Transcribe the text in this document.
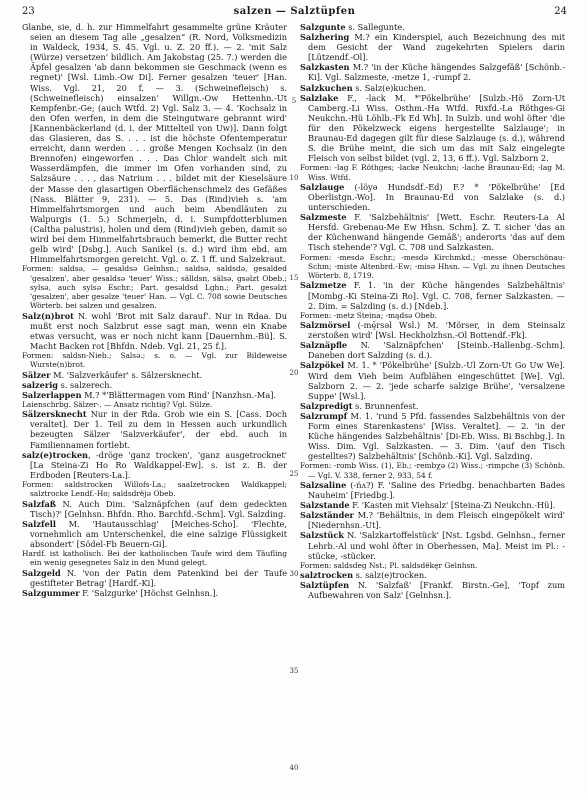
23	salzen — Salztüpfen	24

Glanbe, sie, d. h. zur Himmelfahrt gesammelte grüne Kräuter seien an diesem Tag alle „gesalzen“ (R. Nord, Volksmedizin in Waldeck, 1934, S. 45. Vgl. u. Z. 20 ff.). — 2. 'mit Salz (Würze) versetzen' bildlich. Am Jakobstag (25. 7.) werden die Äpfel gesalzen 'ab dann bekommen sie Geschmack (wenn es regnet)' [Wsl. Limb.-Ow Di]. Ferner gesalzen 'teuer' [Han. Wiss. Vgl. 21, 20 f. — 3. (Schweinefleisch) s. (Schweinefleisch) einsalzen' Willgn.-Ow Hettenhn.-Ut Kempfenbr.-Ge; (auch Wtfd. 2) Vgl. Salz 3. — 4. 'Kochsalz in den Ofen werfen, in dem die Steingutware gebrannt wird' [Kannenbäckerland (d. i. der Mittelteil von Uw)]. Dann folgt das Glasieren, das S. . . . ist die höchste Ofentemperatur erreicht, dann werden . . . große Mengen Kochsalz (in den Brennofen) eingeworfen . . . Das Chlor wandelt sich mit Wasserdämpfen, die immer im Ofen vorhanden sind, zu Salzsäure . . . , das Natrium . . . bildet mit der Kieselsäure der Masse den glasartigen Oberflächenschmelz des Gefäßes (Nass. Blätter 9, 231). — 5. Das (Rind)vieh s. 'am Himmelfahrtsmorgen und auch beim Abendläuten zu Walpurgis (1. 5.) Schmerjeln, d. i. Sumpfdotterblumen (Caltha palustris), holen und dem (Rind)vieh geben, damit so wird bei dem Himmelfahrtsbrauch bemerkt, die Butter recht gelb wird' [Dsbg.]. Auch Sanikel (s. d.) wird ihm ebd. am Himmelfahrtsmorgen gereicht. Vgl. o. Z. 1 ff. und Salzekraut.

Formen: saldsə, — gesaldsə Gelnhsn.; saldsə, saldsdə, gesalded 'gesalzen', aber gesaldsə 'teuer' Wiss.; sälldsn, sälsə, gsəlzt Obeb.; sylsə, auch sylsə Eschr.; Part. gesəldsd Lghn.; Part. gesəlzt 'gesalzen', aber gesəlze 'teuer' Han. — Vgl. C. 708 sowie Deutsches Wörterb. bei salzen und gesalzen.

Salz(n)brot N. wohl 'Brot mit Salz darauf'. Nur in Rdaa. Du mußt erst noch Salzbrut esse sagt man, wenn ein Knabe etwas versucht, was er noch nicht kann [Dauernhm.-Bü]. S. Macht Backen rot [Bhfdn. Ndeb. Vgl. 21, 25 f.].

Formen: saldsn-Nieb.; Salsə.; s. o. — Vgl. zur Bildeweise Wurste(n)brot.

Sälzer M. 'Salzverkäufer' s. Sälzersknecht.

salzerig s. salzerech.

Salzerlappen M.? *'Blättermagen vom Rind' [Nanzhsn.-Ma].

Laienschrbg. Sälzer-. — Ansatz richtig? Vgl. Sülze.

Sälzersknecht Nur in der Rda. Grob wie ein S. [Cass. Doch veraltet]. Der 1. Teil zu dem in Hessen auch urkundlich bezeugten Sälzer 'Salzverkäufer', der ebd. auch in Familiennamen fortlebt.

salz(e)trocken, -dröge 'ganz trocken', 'ganz ausgetrocknet' [La Steina-Zi Ho Ro Waldkappel-Ew]. s. ist z. B. der Erdboden [Reuters-La.].

Formen: saldstrocken Willofs-La.; saalzetrocken Waldkappel; salztrocke Lendf.-Ho; saldsdrëjə Obeb.

Salzfaß N. Auch Dim. 'Salznäpfchen (auf dem gedeckten Tisch)?' [Gelnhsn. Bhfdn. Rho. Barchfd.-Schm]. Vgl. Salzding.

Salzfell M. 'Hautausschlag' [Meiches-Scho]. 'Flechte, vornehmlich am Unterschenkel, die eine salzige Flüssigkeit absondert' [Södel-Fb Beuern-Gi].

Hardf. ist katholisch. Bei der katholischen Taufe wird dem Täufling ein wenig gesegnetes Salz in den Mund gelegt.

Salzgeld N. 'von der Patin dem Patenkind bei der Taufe gestifteter Betrag' [Hardf.-Ki].

Salzgummer F. 'Salzgurke' [Höchst Gelnhsn.].

5
10
15
20
25
30
35
40

Salzgunte s. Sallegunte.

Salzhering M.? ein Kinderspiel, auch Bezeichnung des mit dem Gesicht der Wand zugekehrten Spielers darin [Lützendf.-Ol].

Salzkasten M.? 'in der Küche hängendes Salzgefäß' [Schönb.-Ki]. Vgl. Salzmeste, -metze 1, -rumpf 2.

Salzkuchen s. Salz(e)kuchen.

Salzlake F., -lack M. *'Pökelbrühe' [Sulzb.-Hö Zorn-Ut Camberg.-Li Wiss. Osthm.-Ha Wtfd. Rixfd.-La Röthges-Gi Neukchn.-Hü Löhlb.-Fk Ed Wh]. In Sulzb. und wohl öfter 'die für den Pökelzweck eigens hergestellte Salzlauge'; in Braunau-Ed dagegen gilt für diese Salzlauge (s. d.), während S. die Brühe meint, die sich um das mit Salz eingelegte Fleisch von selbst bildet (vgl. 2, 13, 6 ff.). Vgl. Salzborn 2.

Formen: -lag F. Röthges; -lacke Neukchn; -lache Braunau-Ed; -lag M. Wiss. Wtfd.

Salzlauge (-löyə Hundsdf.-Ed) F.? * 'Pökelbrühe' [Ed Oberlistgn.-Wo]. In Braunau-Ed von Salzlake (s. d.) unterschieden.

Salzmeste F. 'Salzbehältnis' [Wett. Eschr. Reuters-La Al Hersfd. Grebenau-Me Ew Hhsn. Schm]. Z. T. sicher 'das an der Küchenwand hängende Gemäß'; anderorts 'das auf dem Tisch stehende'? Vgl. C. 708 und Salzkasten.

Formen: -mesdə Eschr.; -mesdə Kirchmkd.; -messe Oberschönau-Schm; -miste Altenbrd.-Ew; -misə Hhsn. — Vgl. zu ihnen Deutsches Wörterb. 8, 1719.

Salzmetze F. 1. 'in der Küche hängendes Salzbehältnis' [Mombg.-Ki Steina-Zi Ro]. Vgl. C. 708, ferner Salzkasten. — 2. Dim. = Salzding (s. d.) [Ndeb.].

Formen: -metz Steina; -mądsə Obeb.

Salzmörsel (-mę̄rsəl Wsl.) M. 'Mörser, in dem Steinsalz zerstoßen wird' [Wsl. Heckholzhsn.-Ol Bottendf.-Fk].

Salznäpfle N. 'Salznäpfchen' [Steinb.-Hallenbg.-Schm]. Daneben dort Salzding (s. d.).

Salzpökel M. 1. * 'Pökelbrühe' [Sulzb.-Ul Zorn-Ut Go Uw We]. Wird dem Vieh beim Aufblähen eingeschüttet [We]. Vgl. Salzborn 2. — 2. 'jede scharfe salzige Brühe', 'versalzene Suppe' [Wsl.].

Salzpredigt s. Brunnenfest.

Salzrumpf M. 1. 'rund 5 Pfd. fassendes Salzbehältnis von der Form eines Starenkastens' [Wiss. Veraltet]. — 2. 'in der Küche hängendes Salzbehältnis' [Di-Eb. Wiss. Bi Bschbg.]. In Wiss. Dim. Vgl. Salzkasten. — 3. Dim. '(auf den Tisch gestelltes?) Salzbehältnis' [Schönb.-Ki]. Vgl. Salzding.

Formen: -romb Wiss. (1), Eb.; -rembχə (2) Wiss.; -rimpche (3) Schönb. — Vgl. V. 338, ferner 2, 933, 54 f.

Salzsaline (-ńʌ?) F. 'Saline des Friedbg. benachbarten Bades Nauheim' [Friedbg.].

Salzstande F. 'Kasten mit Viehsalz' [Steina-Zi Neukchn.-Hü].

Salzständer M.? 'Behältnis, in dem Fleisch eingepökelt wird' [Niedernhsn.-Ut].

Salzstück N. 'Salzkartoffelstück' [Nst. Lgsbd. Gelnhsn., ferner Lehrb.-Al und wohl öfter in Oberhessen, Ma]. Meist im Pl.: -stücke, -stücker.

Formen: saldsdeg Nst.; Pl. saldsdëkęr Gelnhsn.

salztrocken s. salz(e)trocken.

Salztüpfen N. 'Salzfaß' [Frankf. Birstn.-Ge], 'Topf zum Aufbewahren von Salz' [Gelnhsn.].
